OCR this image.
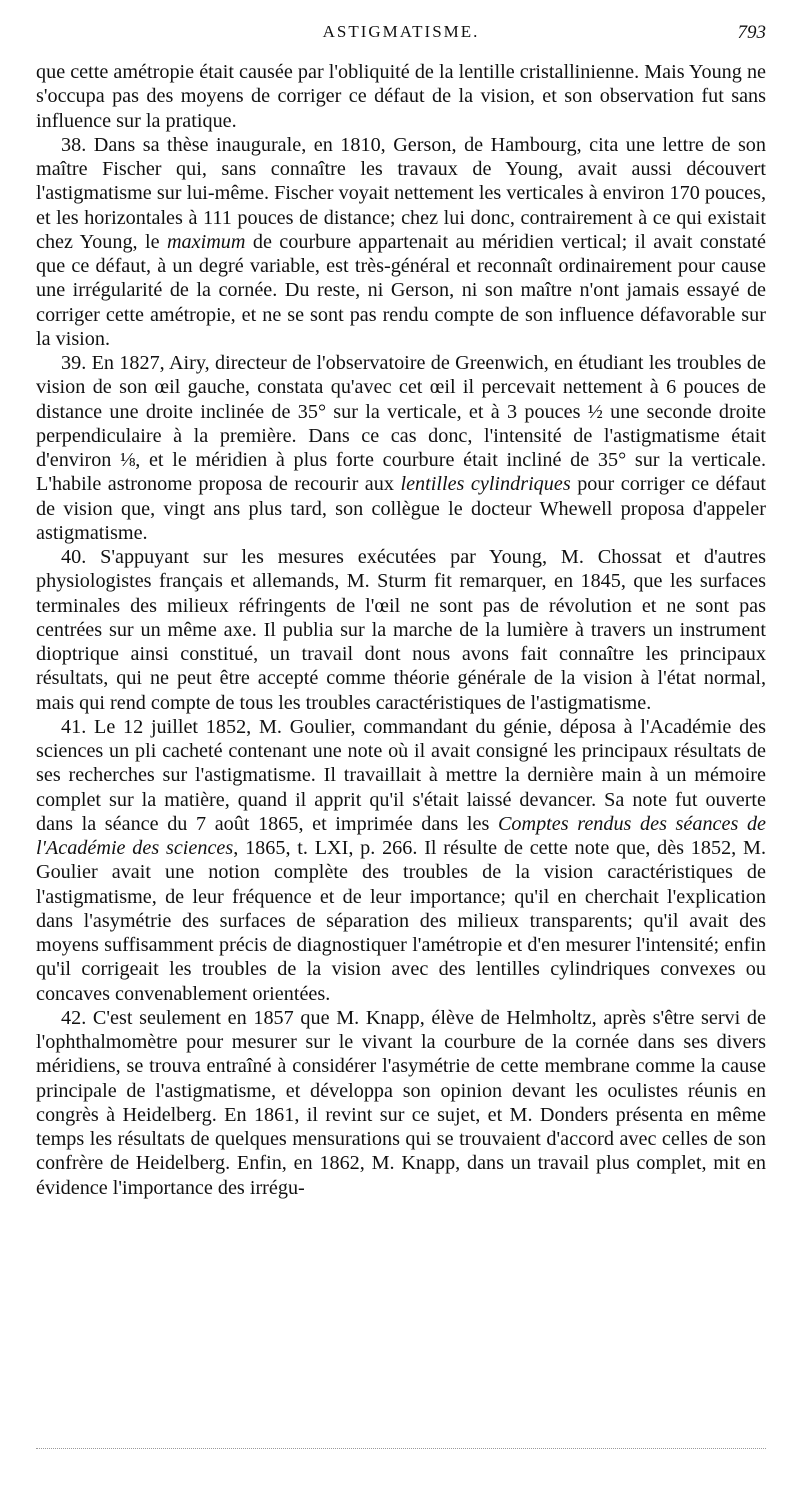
ASTIGMATISME.	793

que cette amétropie était causée par l'obliquité de la lentille cristallinienne. Mais Young ne s'occupa pas des moyens de corriger ce défaut de la vision, et son observation fut sans influence sur la pratique.

38. Dans sa thèse inaugurale, en 1810, Gerson, de Hambourg, cita une lettre de son maître Fischer qui, sans connaître les travaux de Young, avait aussi découvert l'astigmatisme sur lui-même. Fischer voyait nettement les verticales à environ 170 pouces, et les horizontales à 111 pouces de distance; chez lui donc, contrairement à ce qui existait chez Young, le maximum de courbure appartenait au méridien vertical; il avait constaté que ce défaut, à un degré variable, est très-général et reconnaît ordinairement pour cause une irrégularité de la cornée. Du reste, ni Gerson, ni son maître n'ont jamais essayé de corriger cette amétropie, et ne se sont pas rendu compte de son influence défavorable sur la vision.

39. En 1827, Airy, directeur de l'observatoire de Greenwich, en étudiant les troubles de vision de son œil gauche, constata qu'avec cet œil il percevait nettement à 6 pouces de distance une droite inclinée de 35° sur la verticale, et à 3 pouces ½ une seconde droite perpendiculaire à la première. Dans ce cas donc, l'intensité de l'astigmatisme était d'environ ⅛, et le méridien à plus forte courbure était incliné de 35° sur la verticale. L'habile astronome proposa de recourir aux lentilles cylindriques pour corriger ce défaut de vision que, vingt ans plus tard, son collègue le docteur Whewell proposa d'appeler astigmatisme.

40. S'appuyant sur les mesures exécutées par Young, M. Chossat et d'autres physiologistes français et allemands, M. Sturm fit remarquer, en 1845, que les surfaces terminales des milieux réfringents de l'œil ne sont pas de révolution et ne sont pas centrées sur un même axe. Il publia sur la marche de la lumière à travers un instrument dioptrique ainsi constitué, un travail dont nous avons fait connaître les principaux résultats, qui ne peut être accepté comme théorie générale de la vision à l'état normal, mais qui rend compte de tous les troubles caractéristiques de l'astigmatisme.

41. Le 12 juillet 1852, M. Goulier, commandant du génie, déposa à l'Académie des sciences un pli cacheté contenant une note où il avait consigné les principaux résultats de ses recherches sur l'astigmatisme. Il travaillait à mettre la dernière main à un mémoire complet sur la matière, quand il apprit qu'il s'était laissé devancer. Sa note fut ouverte dans la séance du 7 août 1865, et imprimée dans les Comptes rendus des séances de l'Académie des sciences, 1865, t. LXI, p. 266. Il résulte de cette note que, dès 1852, M. Goulier avait une notion complète des troubles de la vision caractéristiques de l'astigmatisme, de leur fréquence et de leur importance; qu'il en cherchait l'explication dans l'asymétrie des surfaces de séparation des milieux transparents; qu'il avait des moyens suffisamment précis de diagnostiquer l'amétropie et d'en mesurer l'intensité; enfin qu'il corrigeait les troubles de la vision avec des lentilles cylindriques convexes ou concaves convenablement orientées.

42. C'est seulement en 1857 que M. Knapp, élève de Helmholtz, après s'être servi de l'ophthalmomètre pour mesurer sur le vivant la courbure de la cornée dans ses divers méridiens, se trouva entraîné à considérer l'asymétrie de cette membrane comme la cause principale de l'astigmatisme, et développa son opinion devant les oculistes réunis en congrès à Heidelberg. En 1861, il revint sur ce sujet, et M. Donders présenta en même temps les résultats de quelques mensurations qui se trouvaient d'accord avec celles de son confrère de Heidelberg. Enfin, en 1862, M. Knapp, dans un travail plus complet, mit en évidence l'importance des irrégu-
